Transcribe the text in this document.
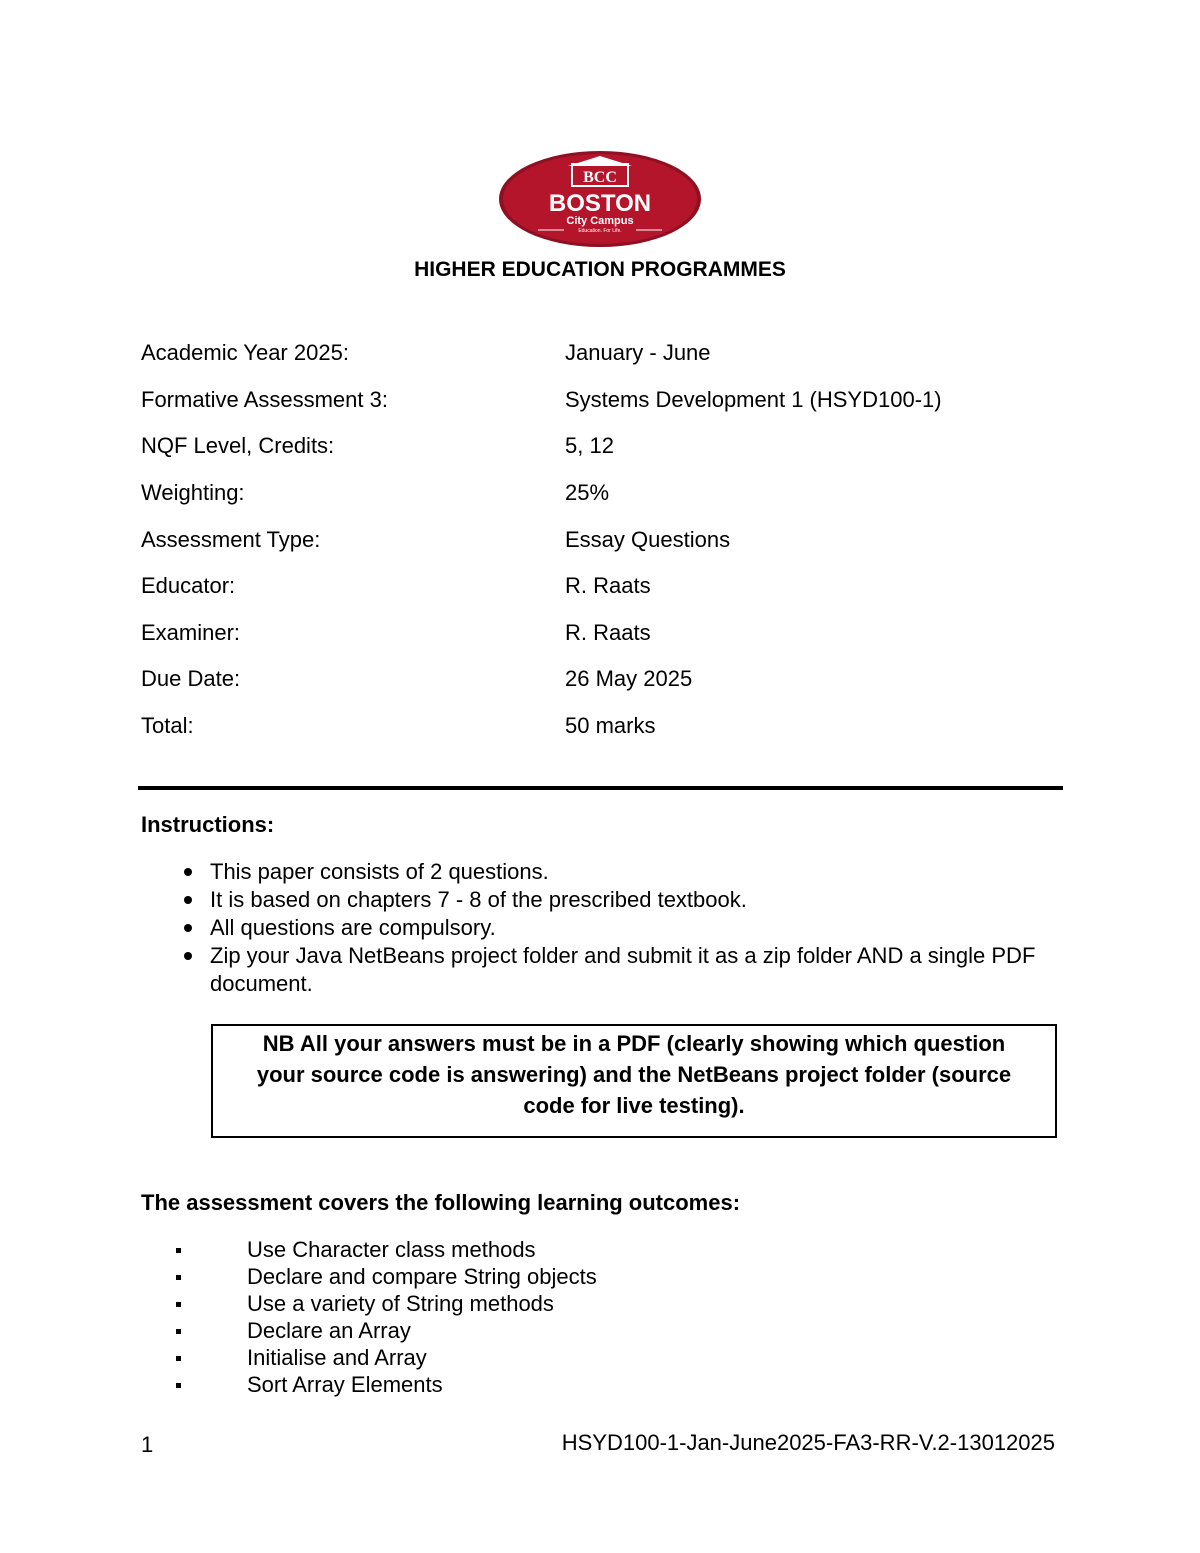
BCC
BOSTON
City Campus
Education. For Life.
HIGHER EDUCATION PROGRAMMES
Academic Year 2025:	January - June
Formative Assessment 3:	Systems Development 1 (HSYD100-1)
NQF Level, Credits:	5, 12
Weighting:	25%
Assessment Type:	Essay Questions
Educator:	R. Raats
Examiner:	R. Raats
Due Date:	26 May 2025
Total:	50 marks
Instructions:
This paper consists of 2 questions.
It is based on chapters 7 - 8 of the prescribed textbook.
All questions are compulsory.
Zip your Java NetBeans project folder and submit it as a zip folder AND a single PDF document.
NB All your answers must be in a PDF (clearly showing which question
your source code is answering) and the NetBeans project folder (source
code for live testing).
The assessment covers the following learning outcomes:
Use Character class methods
Declare and compare String objects
Use a variety of String methods
Declare an Array
Initialise and Array
Sort Array Elements
1	HSYD100-1-Jan-June2025-FA3-RR-V.2-13012025
